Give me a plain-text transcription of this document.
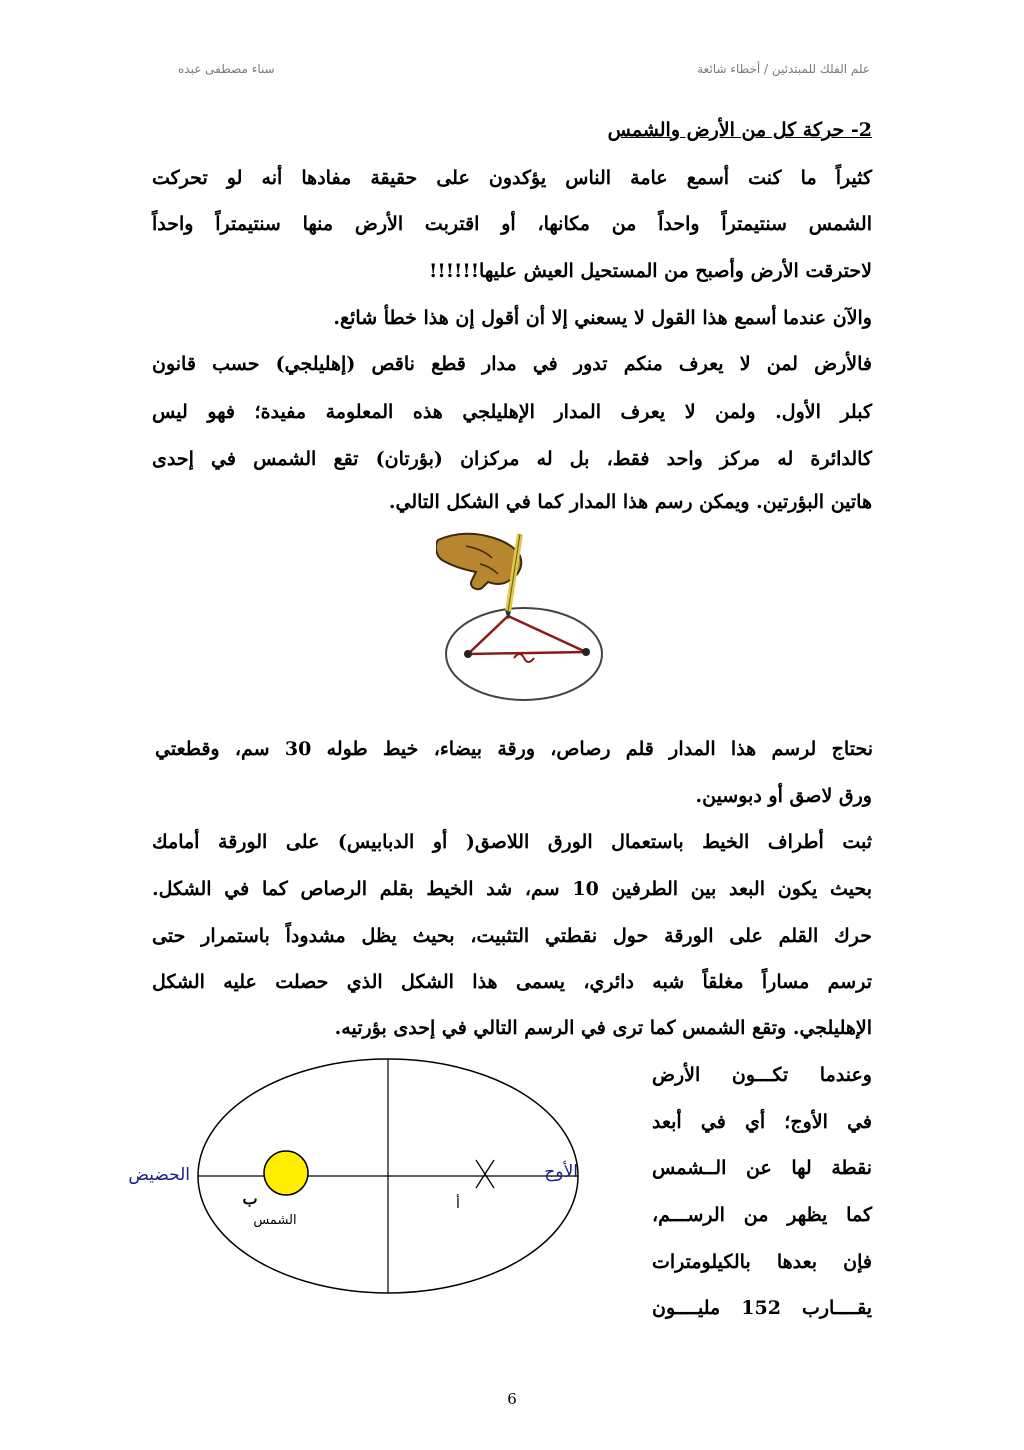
سناء مصطفى عبده	علم الفلك للمبتدئين / أخطاء شائعة
2- حركة كل من الأرض والشمس
كثيراً ما كنت أسمع عامة الناس يؤكدون على حقيقة مفادها أنه لو تحركت
الشمس سنتيمتراً واحداً من مكانها، أو اقتربت الأرض منها سنتيمتراً واحداً
لاحترقت الأرض وأصبح من المستحيل العيش عليها!!!!!!
والآن عندما أسمع هذا القول لا يسعني إلا أن أقول إن هذا خطأ شائع.
فالأرض لمن لا يعرف منكم تدور في مدار قطع ناقص (إهليلجي) حسب قانون
كبلر الأول. ولمن لا يعرف المدار الإهليلجي هذه المعلومة مفيدة؛ فهو ليس
كالدائرة له مركز واحد فقط، بل له مركزان (بؤرتان) تقع الشمس في إحدى
هاتين البؤرتين. ويمكن رسم هذا المدار كما في الشكل التالي.
نحتاج لرسم هذا المدار قلم رصاص، ورقة بيضاء، خيط طوله 30 سم، وقطعتي
ورق لاصق أو دبوسين.
ثبت أطراف الخيط باستعمال الورق اللاصق( أو الدبابيس) على الورقة أمامك
بحيث يكون البعد بين الطرفين 10 سم، شد الخيط بقلم الرصاص كما في الشكل.
حرك القلم على الورقة حول نقطتي التثبيت، بحيث يظل مشدوداً باستمرار حتى
ترسم مساراً مغلقاً شبه دائري، يسمى هذا الشكل الذي حصلت عليه الشكل
الإهليلجي. وتقع الشمس كما ترى في الرسم التالي في إحدى بؤرتيه.
وعندما تكـــون الأرض
في الأوج؛ أي في أبعد
نقطة لها عن الــشمس
كما يظهر من الرســـم،
فإن بعدها بالكيلومترات
يقــــارب 152 مليــــون
الحضيض	الأوج
ب
الشمس
أ
6
